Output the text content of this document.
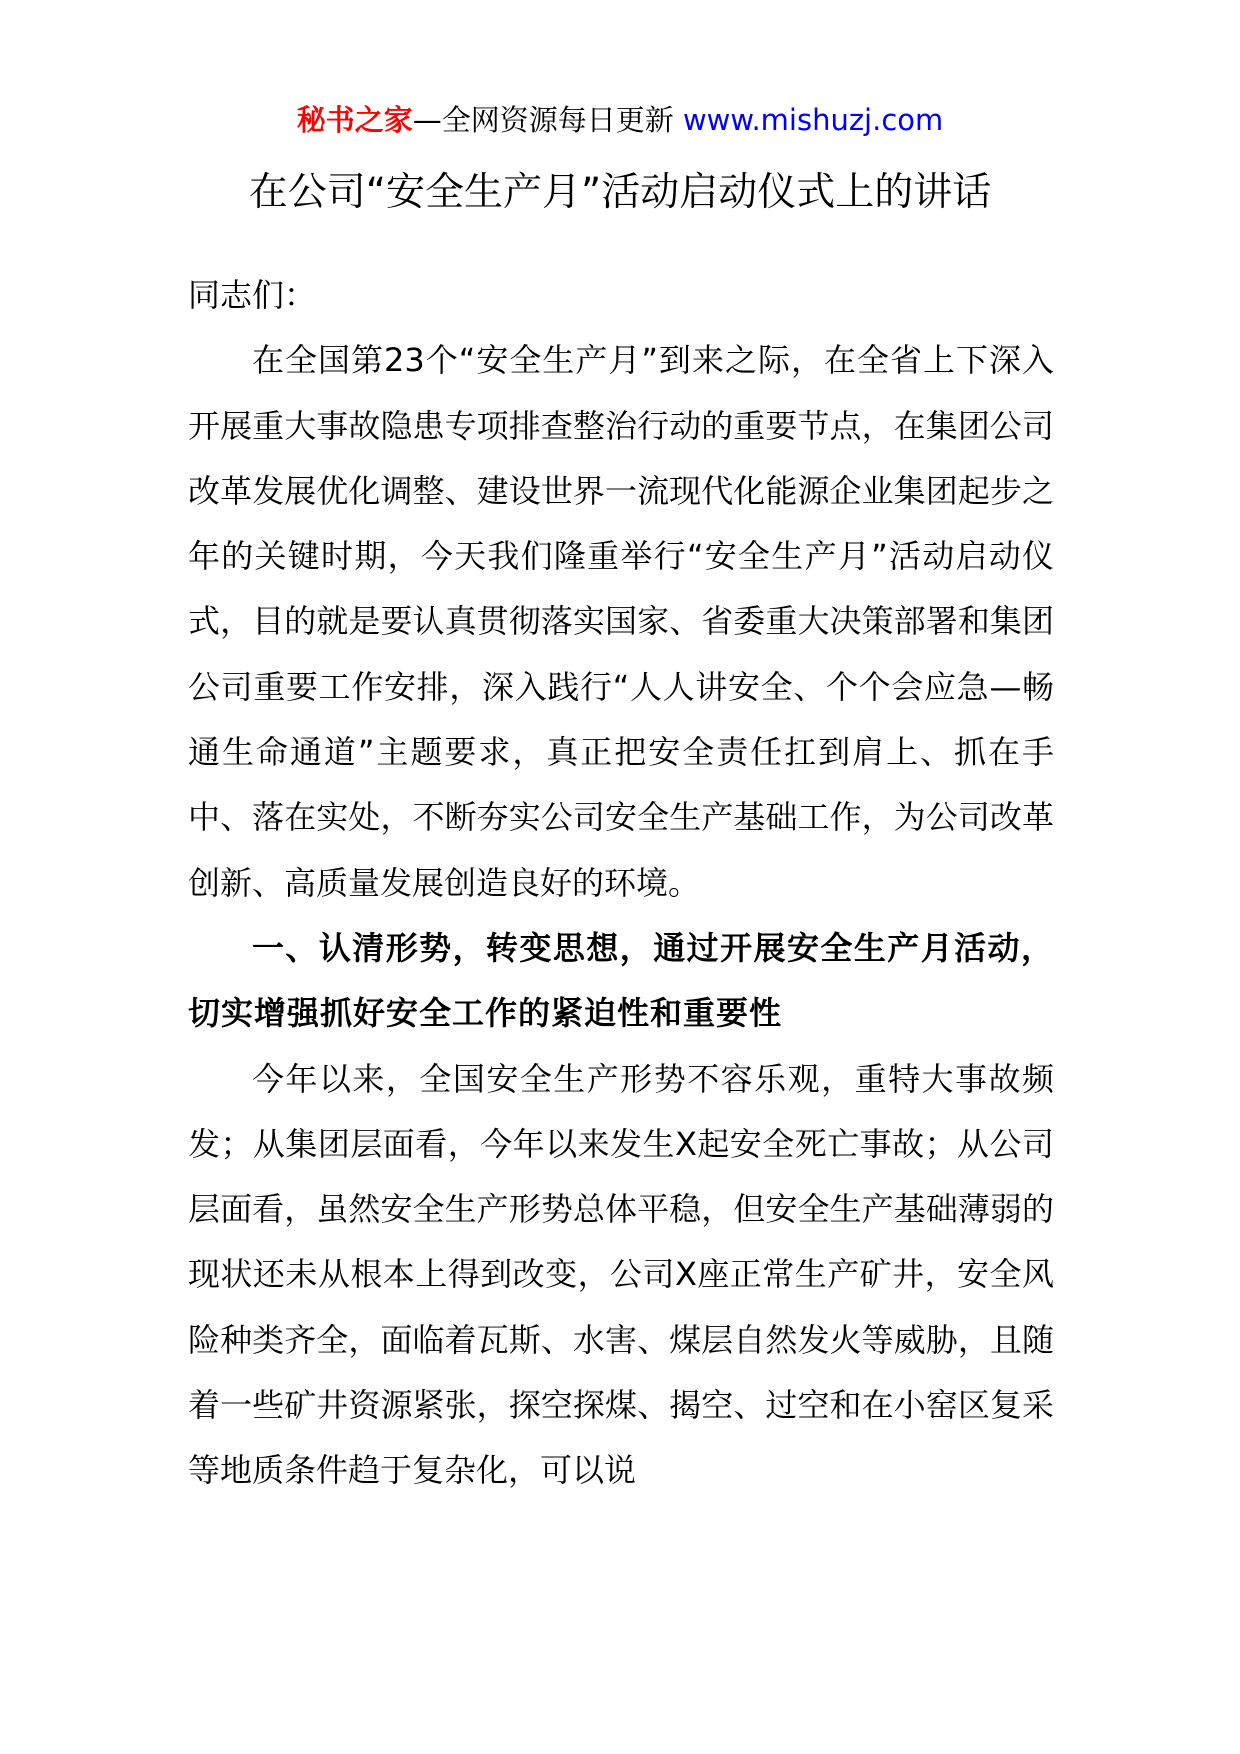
秘书之家—全网资源每日更新 www.mishuzj.com
在公司“安全生产月”活动启动仪式上的讲话

同志们：

在全国第23个“安全生产月”到来之际，在全省上下深入开展重大事故隐患专项排查整治行动的重要节点，在集团公司改革发展优化调整、建设世界一流现代化能源企业集团起步之年的关键时期，今天我们隆重举行“安全生产月”活动启动仪式，目的就是要认真贯彻落实国家、省委重大决策部署和集团公司重要工作安排，深入践行“人人讲安全、个个会应急—畅通生命通道”主题要求，真正把安全责任扛到肩上、抓在手中、落在实处，不断夯实公司安全生产基础工作，为公司改革创新、高质量发展创造良好的环境。

一、认清形势，转变思想，通过开展安全生产月活动，切实增强抓好安全工作的紧迫性和重要性

今年以来，全国安全生产形势不容乐观，重特大事故频发；从集团层面看，今年以来发生X起安全死亡事故；从公司层面看，虽然安全生产形势总体平稳，但安全生产基础薄弱的现状还未从根本上得到改变，公司X座正常生产矿井，安全风险种类齐全，面临着瓦斯、水害、煤层自然发火等威胁，且随着一些矿井资源紧张，探空探煤、揭空、过空和在小窑区复采等地质条件趋于复杂化，可以说
